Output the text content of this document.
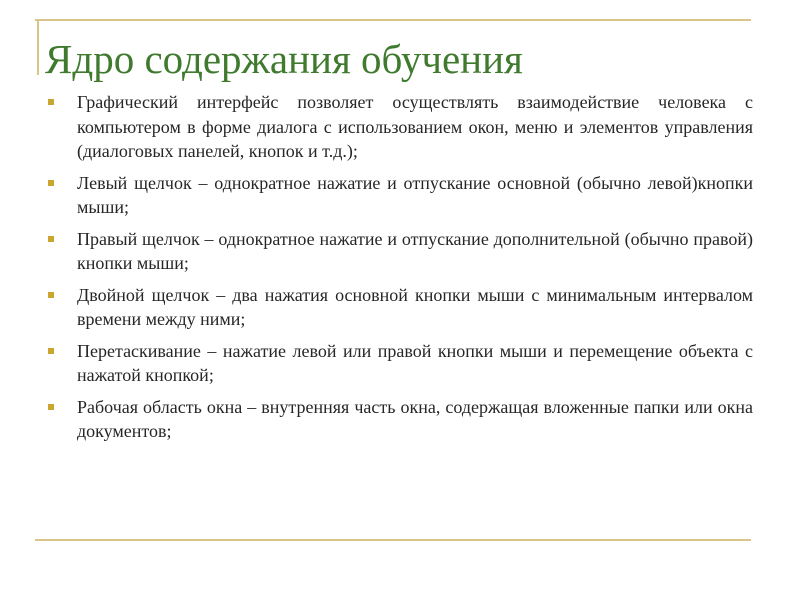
Ядро содержания обучения
Графический интерфейс позволяет осуществлять взаимодействие человека с компьютером в форме диалога с использованием окон, меню и элементов управления (диалоговых панелей, кнопок и т.д.);
Левый щелчок – однократное нажатие и отпускание основной (обычно левой)кнопки мыши;
Правый щелчок – однократное нажатие и отпускание дополнительной (обычно правой) кнопки мыши;
Двойной щелчок – два нажатия основной кнопки мыши с минимальным интервалом времени между ними;
Перетаскивание – нажатие левой или правой кнопки мыши и перемещение объекта с нажатой кнопкой;
Рабочая область окна – внутренняя часть окна, содержащая вложенные папки или окна документов;
